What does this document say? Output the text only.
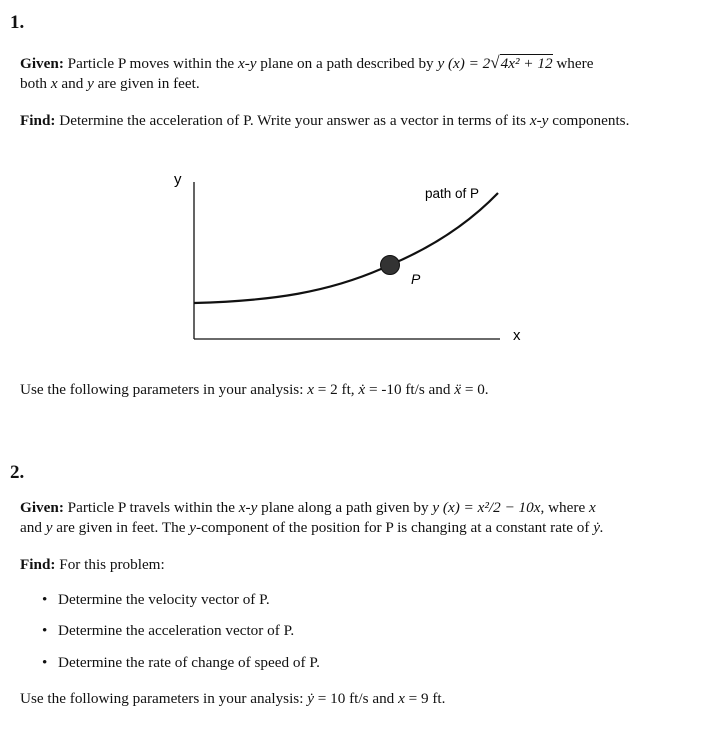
1.
Given: Particle P moves within the x-y plane on a path described by y (x) = 2√4x² + 12 where
both x and y are given in feet.
Find: Determine the acceleration of P. Write your answer as a vector in terms of its x-y components.
y
x
path of P
P
Use the following parameters in your analysis: x = 2 ft, ẋ = -10 ft/s and ẍ = 0.
2.
Given: Particle P travels within the x-y plane along a path given by y (x) = x²/2 − 10x, where x
and y are given in feet. The y-component of the position for P is changing at a constant rate of ẏ.
Find: For this problem:
• Determine the velocity vector of P.
• Determine the acceleration vector of P.
• Determine the rate of change of speed of P.
Use the following parameters in your analysis: ẏ = 10 ft/s and x = 9 ft.
